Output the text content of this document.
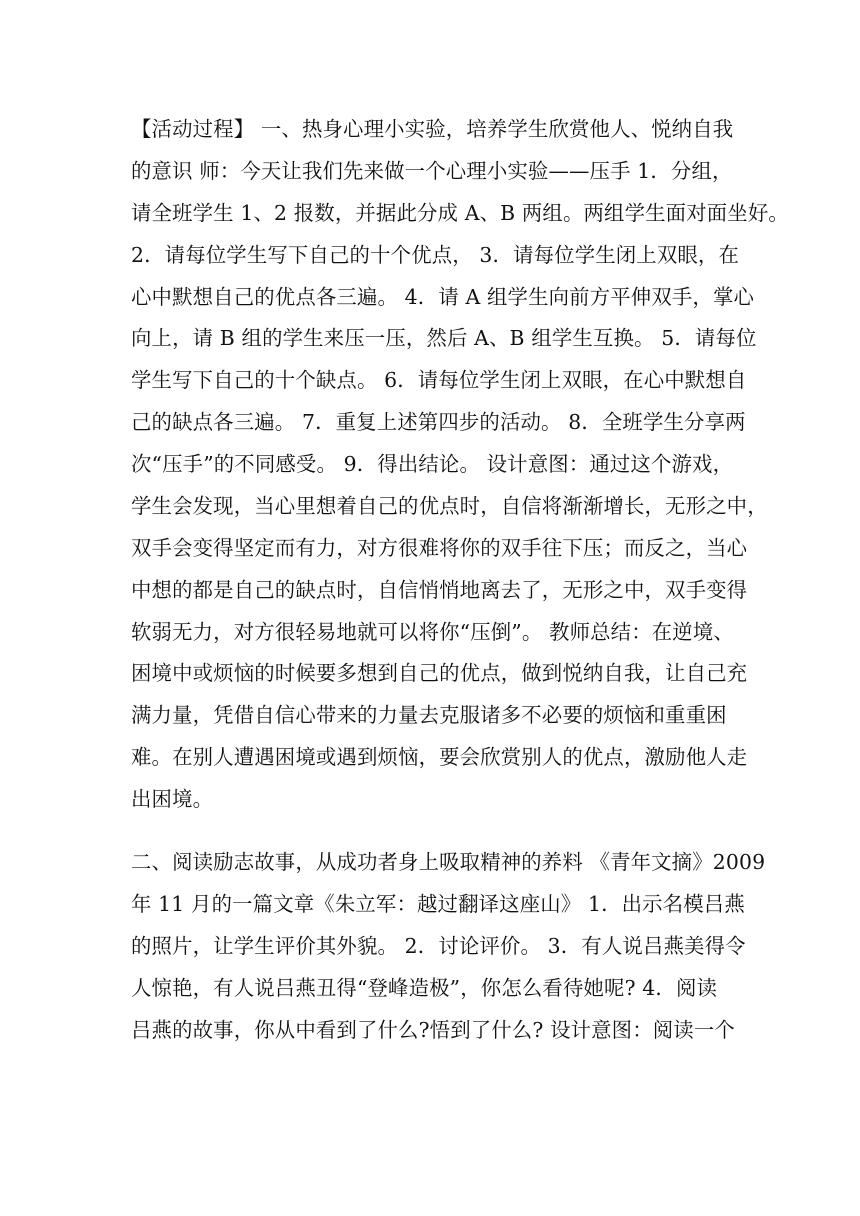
【活动过程】 一、热身心理小实验，培养学生欣赏他人、悦纳自我
的意识 师：今天让我们先来做一个心理小实验——压手 1．分组，
请全班学生 1、2 报数，并据此分成 A、B 两组。两组学生面对面坐好。
2．请每位学生写下自己的十个优点， 3．请每位学生闭上双眼，在
心中默想自己的优点各三遍。 4．请 A 组学生向前方平伸双手，掌心
向上，请 B 组的学生来压一压，然后 A、B 组学生互换。 5．请每位
学生写下自己的十个缺点。 6．请每位学生闭上双眼，在心中默想自
己的缺点各三遍。 7．重复上述第四步的活动。 8．全班学生分享两
次“压手”的不同感受。 9．得出结论。 设计意图：通过这个游戏，
学生会发现，当心里想着自己的优点时，自信将渐渐增长，无形之中，
双手会变得坚定而有力，对方很难将你的双手往下压；而反之，当心
中想的都是自己的缺点时，自信悄悄地离去了，无形之中，双手变得
软弱无力，对方很轻易地就可以将你“压倒”。 教师总结：在逆境、
困境中或烦恼的时候要多想到自己的优点，做到悦纳自我，让自己充
满力量，凭借自信心带来的力量去克服诸多不必要的烦恼和重重困
难。在别人遭遇困境或遇到烦恼，要会欣赏别人的优点，激励他人走
出困境。
二、阅读励志故事，从成功者身上吸取精神的养料 《青年文摘》2009
年 11 月的一篇文章《朱立军：越过翻译这座山》 1．出示名模吕燕
的照片，让学生评价其外貌。 2．讨论评价。 3．有人说吕燕美得令
人惊艳，有人说吕燕丑得“登峰造极”，你怎么看待她呢? 4．阅读
吕燕的故事，你从中看到了什么?悟到了什么? 设计意图：阅读一个
